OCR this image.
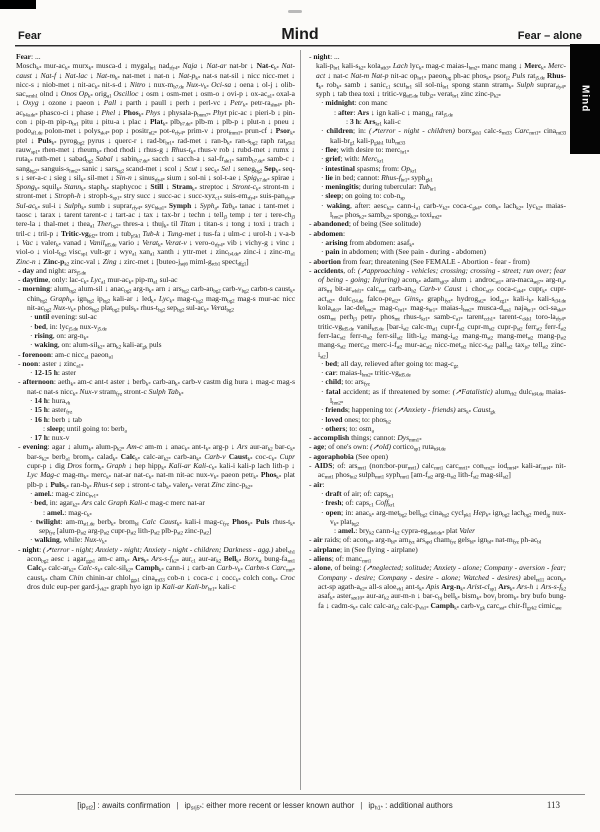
Fear	Mind	Fear – alone
Mind
Fear: ...
Mosch$_{k*}$ mur-$ac_{k*}$ murx$_{k*}$ musca-d ↓ mygal$_{br1}$ nad$_{rfy4*}$ Naja ↓ Nat-ar nat-br ↓ Nat-$c_{k*}$ Nat-caust ↓ Nat-f ↓ Nat-lac ↓ Nat-$m_{k*}$ nat-met ↓ nat-n ↓ Nat-$p_{k*}$ nat-s nat-sil ↓ nicc nicc-met ↓ nicc-s ↓ niob-met ↓ nit-$ac_{k*}$ nit-s-d ↓ Nitro ↓ nux-$m_{b7.de}$ Nux-$v_{k*}$ Oci-sa ↓ oena ↓ ol-j ↓ olib-sac$_{wmh1}$ olnd ↓ Onos $Op_{k*}$ orig$_{a1}$ Oscilloc ↓ osm ↓ osm-met ↓ osm-o ↓ ovi-p ↓ $ox-ac_{a1*}$ oxal-a ↓ Oxyg ↓ ozone ↓ paeon ↓ Pall ↓ parth ↓ paull ↓ perh ↓ perl-vc ↓ Petr$_{k*}$ petr-$ra_{shn4*}$ $ph-ac_{b4a.de*}$ phasco-ci ↓ phase ↓ Phel ↓ Phos$_{k*}$ Phys ↓ physala-$p_{bnm7*}$ Phyt pic-ac ↓ pieri-b ↓ pin-con ↓ pip-m pip-$n_{br1}$ pitu ↓ pitu-a ↓ plac ↓ Plat$_{k*}$ plb$_{b7.de*}$ plb-m ↓ plb-p ↓ plut-n ↓ pneu ↓ podo$_{sf1.de}$ polon-met ↓ polys$_{sk4*}$ pop ↓ positr$_{nl2*}$ pot-$e_{rfy4*}$ prim-v ↓ prot$_{fmm1*}$ prun-cf ↓ Psor$_{k*}$ ptel ↓ Puls$_{k*}$ pyrog$_{bg2}$ pyrus ↓ querc-r ↓ rad-$br_{br1*}$ rad-met ↓ ran-$b_{k*}$ ran-$s_{bg2}$ raph rat$_{p5k1}$ rauw$_{sp1*}$ rhen-met ↓ rheum$_{k*}$ rhod rhodi ↓ rhus-g ↓ Rhus-$t_{k*}$ rhus-v rob ↓ rubd-met ↓ rumx ↓ ruta$_{k*}$ ruth-met ↓ sabad$_{bg2}$ Sabal ↓ sabin$_{b7.de*}$ sacch ↓ sacch-a ↓ sal-$fr_{sle1*}$ samb$_{b7.de*}$ samb-c ↓ sang$_{bg2*}$ sanguis-$s_{hm2*}$ sanic ↓ sars$_{bg2}$ scand-met ↓ scol ↓ Scut ↓ $\sec_{k*}$ Sel ↓ seneg$_{bg2}$ Sep$_{k*}$ seq-s ↓ ser-a-c ↓ sieg ↓ sil$_{k*}$ sil-met ↓ Sin-n ↓ sinus$_{rfy4*}$ sium ↓ sol-ni ↓ sol-t-ae ↓ Spig$_{b7.de*}$ spirae ↓ Spong$_{k*}$ squil$_{k*}$ Stann$_{k*}$ staph$_{k*}$ staphycoc ↓ Still ↓ Stram$_{k*}$ streptoc ↓ Stront-$c_{k*}$ stront-m ↓ stront-met ↓ Stroph-h ↓ stroph-$s_{sp1*}$ stry succ ↓ succ-ac ↓ succ-xyz$_{c1*}$ suis-$em_{rfy4*}$ suis-pan$_{rfy4*}$ Sul-$ac_{k*}$ sul-i ↓ Sulph$_{k*}$ sumb ↓ suprar$_{rfy4*}$ syc$_{bka1*}$ Symph ↓ Syph$_{a*}$ Tab$_{k*}$ tanac ↓ tant-met ↓ taosc ↓ tarax ↓ tarent tarent-c ↓ tart-ac ↓ tax ↓ tax-br ↓ techn ↓ tell$_{j3}$ temp ↓ ter ↓ tere-$ch_{j3}$ tere-la ↓ thal-met ↓ thea$_{a1}$ Ther$_{bg2*}$ thres-a ↓ thuj$_{k*}$ til Titan ↓ titan-s ↓ tong ↓ toxi ↓ trach ↓ tril-c ↓ tril-p ↓ Tritic-$vg_{fd2*}$ trom ↓ tub$_{p5k1}$ Tub-k ↓ Tung-met ↓ tus-fa ↓ ulm-c ↓ urol-h ↓ v-a-b ↓ Vac ↓ valer$_{k*}$ vanad ↓ Vanil$_{td5.de}$ vario ↓ Verat$_{k*}$ Verat-v ↓ vero-$o_{rfy4*}$ vib ↓ vichy-g ↓ vinc ↓ viol-o ↓ viol-$t_{bg2}$ visc$_{sp1}$ vult-gr ↓ wye$_{a1}$ xan$_{a1}$ xanth ↓ yttr-met ↓ zinc$_{b4.de*}$ zinc-i ↓ zinc-$m_{a1}$ Zinc-n ↓ Zinc-$p_{k2}$ zinc-val ↓ Zing ↓ zirc-met ↓ [$buteo-j_{sej6}$ miml-$g_{rcb1}$ spect$_{dfg1}$]
- day and night: ars$_{j5.de}$
- daytime, only: lac-$c_{k*}$ Lyc$_{a1}$ mur-$ac_{k*}$ pip-$m_{a1}$ sul-ac
- morning: alum$_{bg2}$ alum-sil ↓ anac$_{bg2}$ arg-$n_{k*}$ arn ↓ ars$_{bg2}$ carb-$an_{bg2}$ carb-$v_{bg2}$ carbn-s caust$_{k*}$ chin$_{bg2}$ Graph$_{k*}$ ign$_{bg2}$ $ip_{bg2}$ kali-ar ↓ led$_{k*}$ Lyc$_{k*}$ mag-$c_{bg2}$ mag-$m_{bg2}$ mag-s mur-ac nicc nit-$ac_{bg2}$ Nux-$v_{k*}$ phos$_{bg2}$ plat$_{bg2}$ puls$_{k*}$ rhus-$t_{bg2}$ sep$_{bg2}$ sul-$ac_{k*}$ Verat$_{bg2}$
· until evening: sul-ac
· bed, in: lyc$_{j5.de}$ nux-$v_{j5.de}$
· rising, on: arg-$n_{k*}$
· waking, on: alum-sil$_{k2*}$ arn$_{k2}$ kali-$ar_{gk}$ puls
- forenoon: am-c nicc$_{a1}$ paeon$_{a1}$
- noon: aster ↓ zinc$_{a1*}$
· 12-15 h: aster
- afternoon: aeth$_{k*}$ am-c ant-t aster ↓ berb$_{k*}$ carb-$an_{k*}$ carb-v castm dig hura ↓ mag-c mag-s nat-c nat-s nicc$_{k*}$ Nux-v stram$_{fyz}$ stront-c Sulph Tab$_{k*}$
· 14 h: hura$_{vh}$
· 15 h: aster$_{fyz}$
· 16 h: berb ↓ tab
: sleep; until going to: berb$_a$
· 17 h: nux-v
- evening: agar ↓ alum$_{k*}$ alum-$p_{k2*}$ Am-c am-m ↓ anac$_{k*}$ ant-$t_{k*}$ arg-p ↓ Ars aur-$ar_{k2}$ bar-$c_{k*}$ bar-$s_{k2*}$ berb$_{a1}$ brom$_{k*}$ calad$_{k*}$ Calc$_{k*}$ calc-$ar_{k2*}$ carb-$an_{k*}$ Carb-v Caust$_{k*}$ coc-$c_{k*}$ Cupr cupr-p ↓ dig Dros form$_{k*}$ Graph ↓ hep hipp$_{k*}$ Kali-ar Kali-$c_{k*}$ kali-i kali-p lach lith-p ↓ Lyc Mag-c mag-$m_{k*}$ merc$_{k*}$ nat-ar nat-$c_{k*}$ nat-m nit-ac nux-$v_{k*}$ paeon petr$_{k*}$ Phos$_{k*}$ plat plb-p ↓ Puls$_{k*}$ ran-$b_{k*}$ Rhus-t sep ↓ stront-c tab$_{k*}$ valer$_{k*}$ verat Zinc zinc-$p_{k2*}$
· amel.: mag-c zinc$_{bv1*}$
· bed, in: agar$_{k2*}$ Ars calc Graph Kali-c mag-c merc nat-ar
: amel.: mag-$c_{k*}$
· twilight: $am-m_{st1.de}$ berb$_{k*}$ brom$_{bl}$ Calc Caust$_{k*}$ kali-i mag-$c_{fyz}$ Phos$_{k*}$ Puls rhus-$t_{k*}$ sep$_{fyz}$ [$alum-p_{st2}$ arg-$p_{st2}$ cupr-$p_{st2}$ lith-$p_{st2}$ plb-$p_{st2}$ zinc-$p_{st2}$]
· walking, while: Nux-$v_{k*}$
- night: (➚terror - night; Anxiety - night; Anxiety - night - children; Darkness - agg.) abel$_{vh1}$ acon$_{bg2}$ aesc ↓ agar$_{ggs1}$ am-c $am_{k*}$ Ars$_{k*}$ Ars-$s-f_{k2*}$ aur$_{c1}$ aur-$ar_{k2}$ Bell$_{k*}$ Borx$_{st}$ bung-$fa_{mt1}$ Calc$_{k*}$ calc-$ar_{k2*}$ Calc-$s_{k*}$ calc-sil$_{k2*}$ Camph$_{k*}$ cann-i ↓ carb-an Carb-$v_{k*}$ Carbn-s Carc$_{mrt*}$ caust$_{k*}$ cham Chin chinin-ar chlol$_{ggs1}$ cina$_{mt33}$ cob-n ↓ coca-c ↓ cocc$_{k*}$ colch con$_{k*}$ Croc dros dulc eup-per gard-$j_{vk2*}$ graph hyo ign ip Kali-ar Kali-$br_{hr1*}$ kali-c
- night: ...
kali-$p_{br1}$ kali-$s_{k2*}$ kola$_{stb3*}$ Lach lyc$_{k*}$ mag-c maias-$l_{hm2*}$ manc mang ↓ Merc$_{k*}$ Merc-act ↓ nat-c Nat-m Nat-p nit-ac $op_{hr1*}$ paeon$_{bg}$ ph-ac phos$_{k*}$ psor$_{j2}$ Puls rat$_{j5.de}$ Rhus-$t_{k*}$ rob$_{k*}$ samb ↓ sanic$_{c1}$ scut$_{br1}$ sil sol-$ni_{br1}$ spong stann stram$_{k*}$ Sulph suprar$_{rfy4*}$ syph ↓ tab thea toxi ↓ tritic-$vg_{td5.de}$ tub$_{j2*}$ verat$_{br1}$ zinc zinc-$p_{k2*}$
· midnight: con manc
: after: Ars ↓ ign kali-c ↓ mang$_{a1}$ rat$_{j5.de}$
: 3 h: Ars$_{kr1}$ kali-c
· children; in: (➚terror - night - children) borx$_{gkh1}$ calc-$s_{mt33}$ Carc$_{mrt1*}$ cina$_{mt33}$ kali-$br_{g1}$ kali-$p_{gkh1}$ tub$_{mt33}$
· flee; with desire to: merc$_{hr1*}$
· grief; with: Merc$_{kr1}$
· intestinal spasms; from: $Op_{kr1}$
· lie in bed; cannot: Rhus-$f_{br1*}$ syph$_{gk1}$
· meningitis; during tubercular: Tub$_{kr1}$
· sleep; on going to: cob-$n_{sp}$
· waking, after: aesc$_{k2*}$ cann-$i_{a1}$ carb-$v_{k2*}$ coca-$c_{gk4*}$ con$_{k*}$ lach$_{k2*}$ lyc$_{k2*}$ maias-$l_{hm2*}$ phos$_{k2*}$ samb$_{k2*}$ spong$_{k2*}$ toxi$_{mt2*}$
- abandoned; of being (See solitude)
- abdomen:
· arising from abdomen: asaf$_{k*}$
· pain in abdomen; with (See pain - during - abdomen)
- abortion from fear; threatening (See FEMALE - Abortion - fear - from)
- accidents, of: (➚approaching - vehicles; crossing; crossing - street; run over; fear of being - going; Injuring) acon$_{k*}$ adam$_{sjt3*}$ alum ↓ androc$_{st1*}$ ara-maca$_{sej7*}$ arg-$n_{a*}$ ars$_{mt}$ bit-$ar_{whf1*}$ calc$_{mrt}$ carb-$an_{h2}$ Carb-v Caust ↓ choc$_{st3*}$ coca-$c_{sk4*}$ cupr$_{k*}$ cupr-act$_{st2*}$ dulc$_{t34.de}$ falco-$pe_{nl2*}$ Gins$_{k*}$ graph$_{fyz*}$ hydrog$_{st2*}$ iod$_{zg1*}$ kali-$i_{h*}$ kali-$s_{t34.de}$ kola$_{stb3*}$ lac-del$_{hm2*}$ mag-$c_{hr1*}$ mag-$s_{hr1*}$ maias-$l_{hm2*}$ musca-$d_{szs1}$ naja$_{hr1*}$ oci-$sa_{sk4*}$ osm$_{mt}$ perh$_{j3}$ petr$_{j*}$ phos$_{mt}$ rhus-$t_{kr1*}$ samb-$c_{a1*}$ tarent$_{cch1*}$ tarent-$c_{ckh1}$ toro-$la_{rfy4*}$ tritic-$vg_{td5.de}$ vanil$_{td5.de}$ [$bar-i_{st2}$ calc-$m_{st1}$ cupr-$f_{st2}$ cupr-$m_{st2}$ cupr-$p_{st2}$ ferr$_{st2}$ ferr-$f_{st2}$ ferr-lac$_{st2}$ ferr-$n_{st2}$ ferr-sil$_{st2}$ lith-$i_{st2}$ mang-$i_{st2}$ mang-$m_{st2}$ mang-met$_{st2}$ mang-$p_{st2}$ mang-$s_{st2}$ merc$_{st2}$ merc-$i-f_{st2}$ mur-$ac_{st2}$ nicc-met$_{st2}$ nicc-$s_{st2}$ pall$_{st2}$ tax$_{js7}$ tell$_{st2}$ zinc-$i_{st2}$]
· bed; all day, relieved after going to: mag-$c_{gz}$
· car: maias-$l_{hm2*}$ tritic-$vg_{td5.de}$
· child; to: ars$_{fyz}$
· fatal accident; as if threatened by some: (➚Fatalistic) alum$_{rb2}$ dulc$_{td4.de}$ maias-$l_{hm2*}$
· friends; happening to: (➚Anxiety - friends) ars$_{k*}$ Caust$_{gk}$
· loved ones; to: phos$_{h2}$
· others; to: osm$_a$
- accomplish things; cannot: Dys$_{mm1*}$
- age; of one's own: (➚old) cortico$_{sp1}$ ruta$_{td4.de}$
- agoraphobia (See open)
- AIDS; of: ars$_{mrt1}$ (non:bor-pur$_{mrt1}$) calc$_{mrt1}$ carc$_{mrt1*}$ con$_{vm2*}$ iod$_{mrt4*}$ kali-$ar_{mrt4*}$ nit-$ac_{mrt1}$ phos$_{hu2}$ sulph$_{mrt1}$ syph$_{mrt1}$ [$am-f_{st2}$ arg-$n_{st2}$ lith-$f_{st2}$ mag-sil$_{st2}$]
- air:
· draft of air; of: caps$_{br1}$
· fresh; of: caps$_{c1}$ Coff$_{kr1}$
· open; in: anac$_{k*}$ arg-met$_{bg2}$ bell$_{bg2}$ cina$_{bg2}$ cycl$_{pk1}$ Hep$_{k*}$ ign$_{bg2}$ lach$_{bg2}$ med$_{jg}$ nux-$v_{k*}$ plat$_{bg2}$
: amel.: bry$_{k2}$ cann-$i_{k2}$ cypra-$eg_{sde6.de*}$ plat Valer
- air raids; of: acon$_{bl*}$ arg-$n_{bl*}$ arn$_{fyz}$ ars$_{spd}$ cham$_{fyz}$ gels$_{bl*}$ ign$_{bl*}$ nat-$m_{fyz}$ $ph-ac_{bl}$
- airplane; in (See flying - airplane)
- aliens; of: manc$_{mrt1}$
- alone, of being: (➚neglected; solitude; Anxiety - alone; Company - aversion - fear; Company - desire; Company - desire - alone; Watched - desires) abel$_{nt11}$ acon$_{k*}$ act-sp agath-$a_{n2*}$ all-s aloe$_{vh1}$ ant-$t_{k*}$ Apis Arg-$n_{k*}$ Arist-$cl_{sp1}$ Ars$_{k*}$ Ars-h ↓ Ars-$s-f_{k2}$ asaf$_{k*}$ aster$_{sze10*}$ aur-$ar_{k2}$ aur-m-n ↓ bar-$c_{bj}$ bell$_{k*}$ bism$_{k*}$ bov$_j$ brom$_{k*}$ bry bufo bung-fa ↓ cadm-$s_{k*}$ calc calc-$ar_{k2}$ calc-$p_{vh1*}$ Camph$_{k*}$ carb-$v_{gk}$ carc$_{sst*}$ chir-$fl_{gyk2}$ cimic$_{sne}$
$[ip_{st2}]$ : awaits confirmation | $ip_{srj5*}$: either more recent or lesser known author | $ip_{h1*}$ : additional authors	113
